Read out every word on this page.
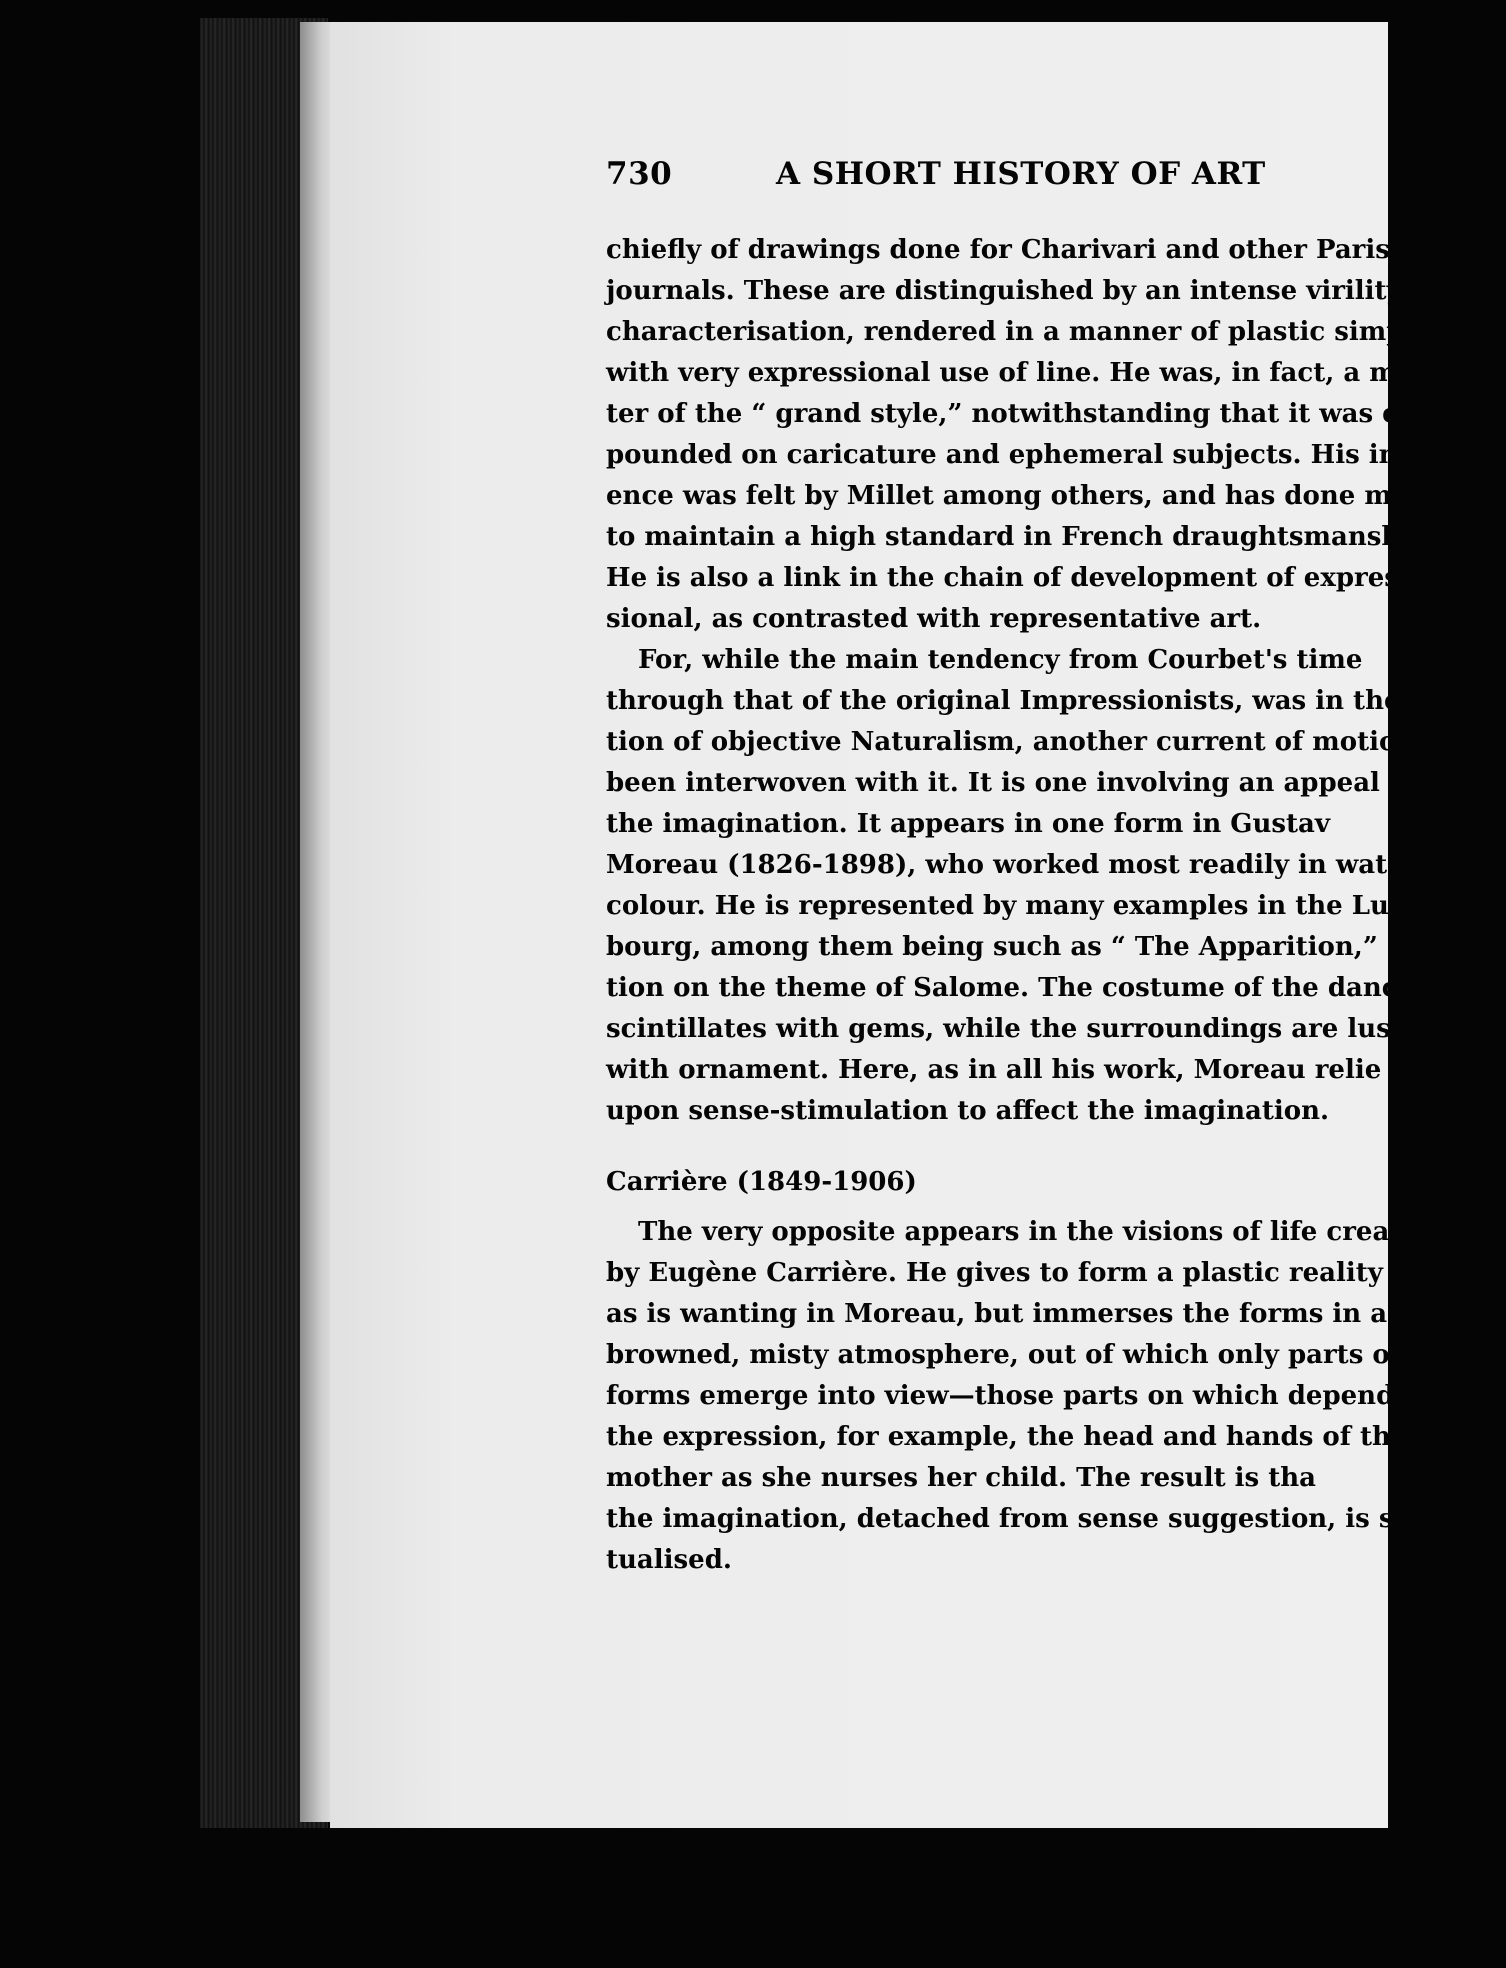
730	A SHORT HISTORY OF ART
chiefly of drawings done for Charivari and other Parisia
journals. These are distinguished by an intense virility o
characterisation, rendered in a manner of plastic simplicit
with very expressional use of line. He was, in fact, a mas
ter of the “ grand style,” notwithstanding that it was ex
pounded on caricature and ephemeral subjects. His influ
ence was felt by Millet among others, and has done muc
to maintain a high standard in French draughtsmanship
He is also a link in the chain of development of expres
sional, as contrasted with representative art.
For, while the main tendency from Courbet's time
through that of the original Impressionists, was in the direc
tion of objective Naturalism, another current of motion ha
been interwoven with it. It is one involving an appeal t
the imagination. It appears in one form in Gustav
Moreau (1826-1898), who worked most readily in water
colour. He is represented by many examples in the Luxem
bourg, among them being such as “ The Apparition,” a varia
tion on the theme of Salome. The costume of the dance
scintillates with gems, while the surroundings are lustrou
with ornament. Here, as in all his work, Moreau relie
upon sense-stimulation to affect the imagination.
Carrière (1849-1906)
The very opposite appears in the visions of life create
by Eugène Carrière. He gives to form a plastic reality such
as is wanting in Moreau, but immerses the forms in an em
browned, misty atmosphere, out of which only parts of th
forms emerge into view—those parts on which depend
the expression, for example, the head and hands of th
mother as she nurses her child. The result is tha
the imagination, detached from sense suggestion, is spiri
tualised.
